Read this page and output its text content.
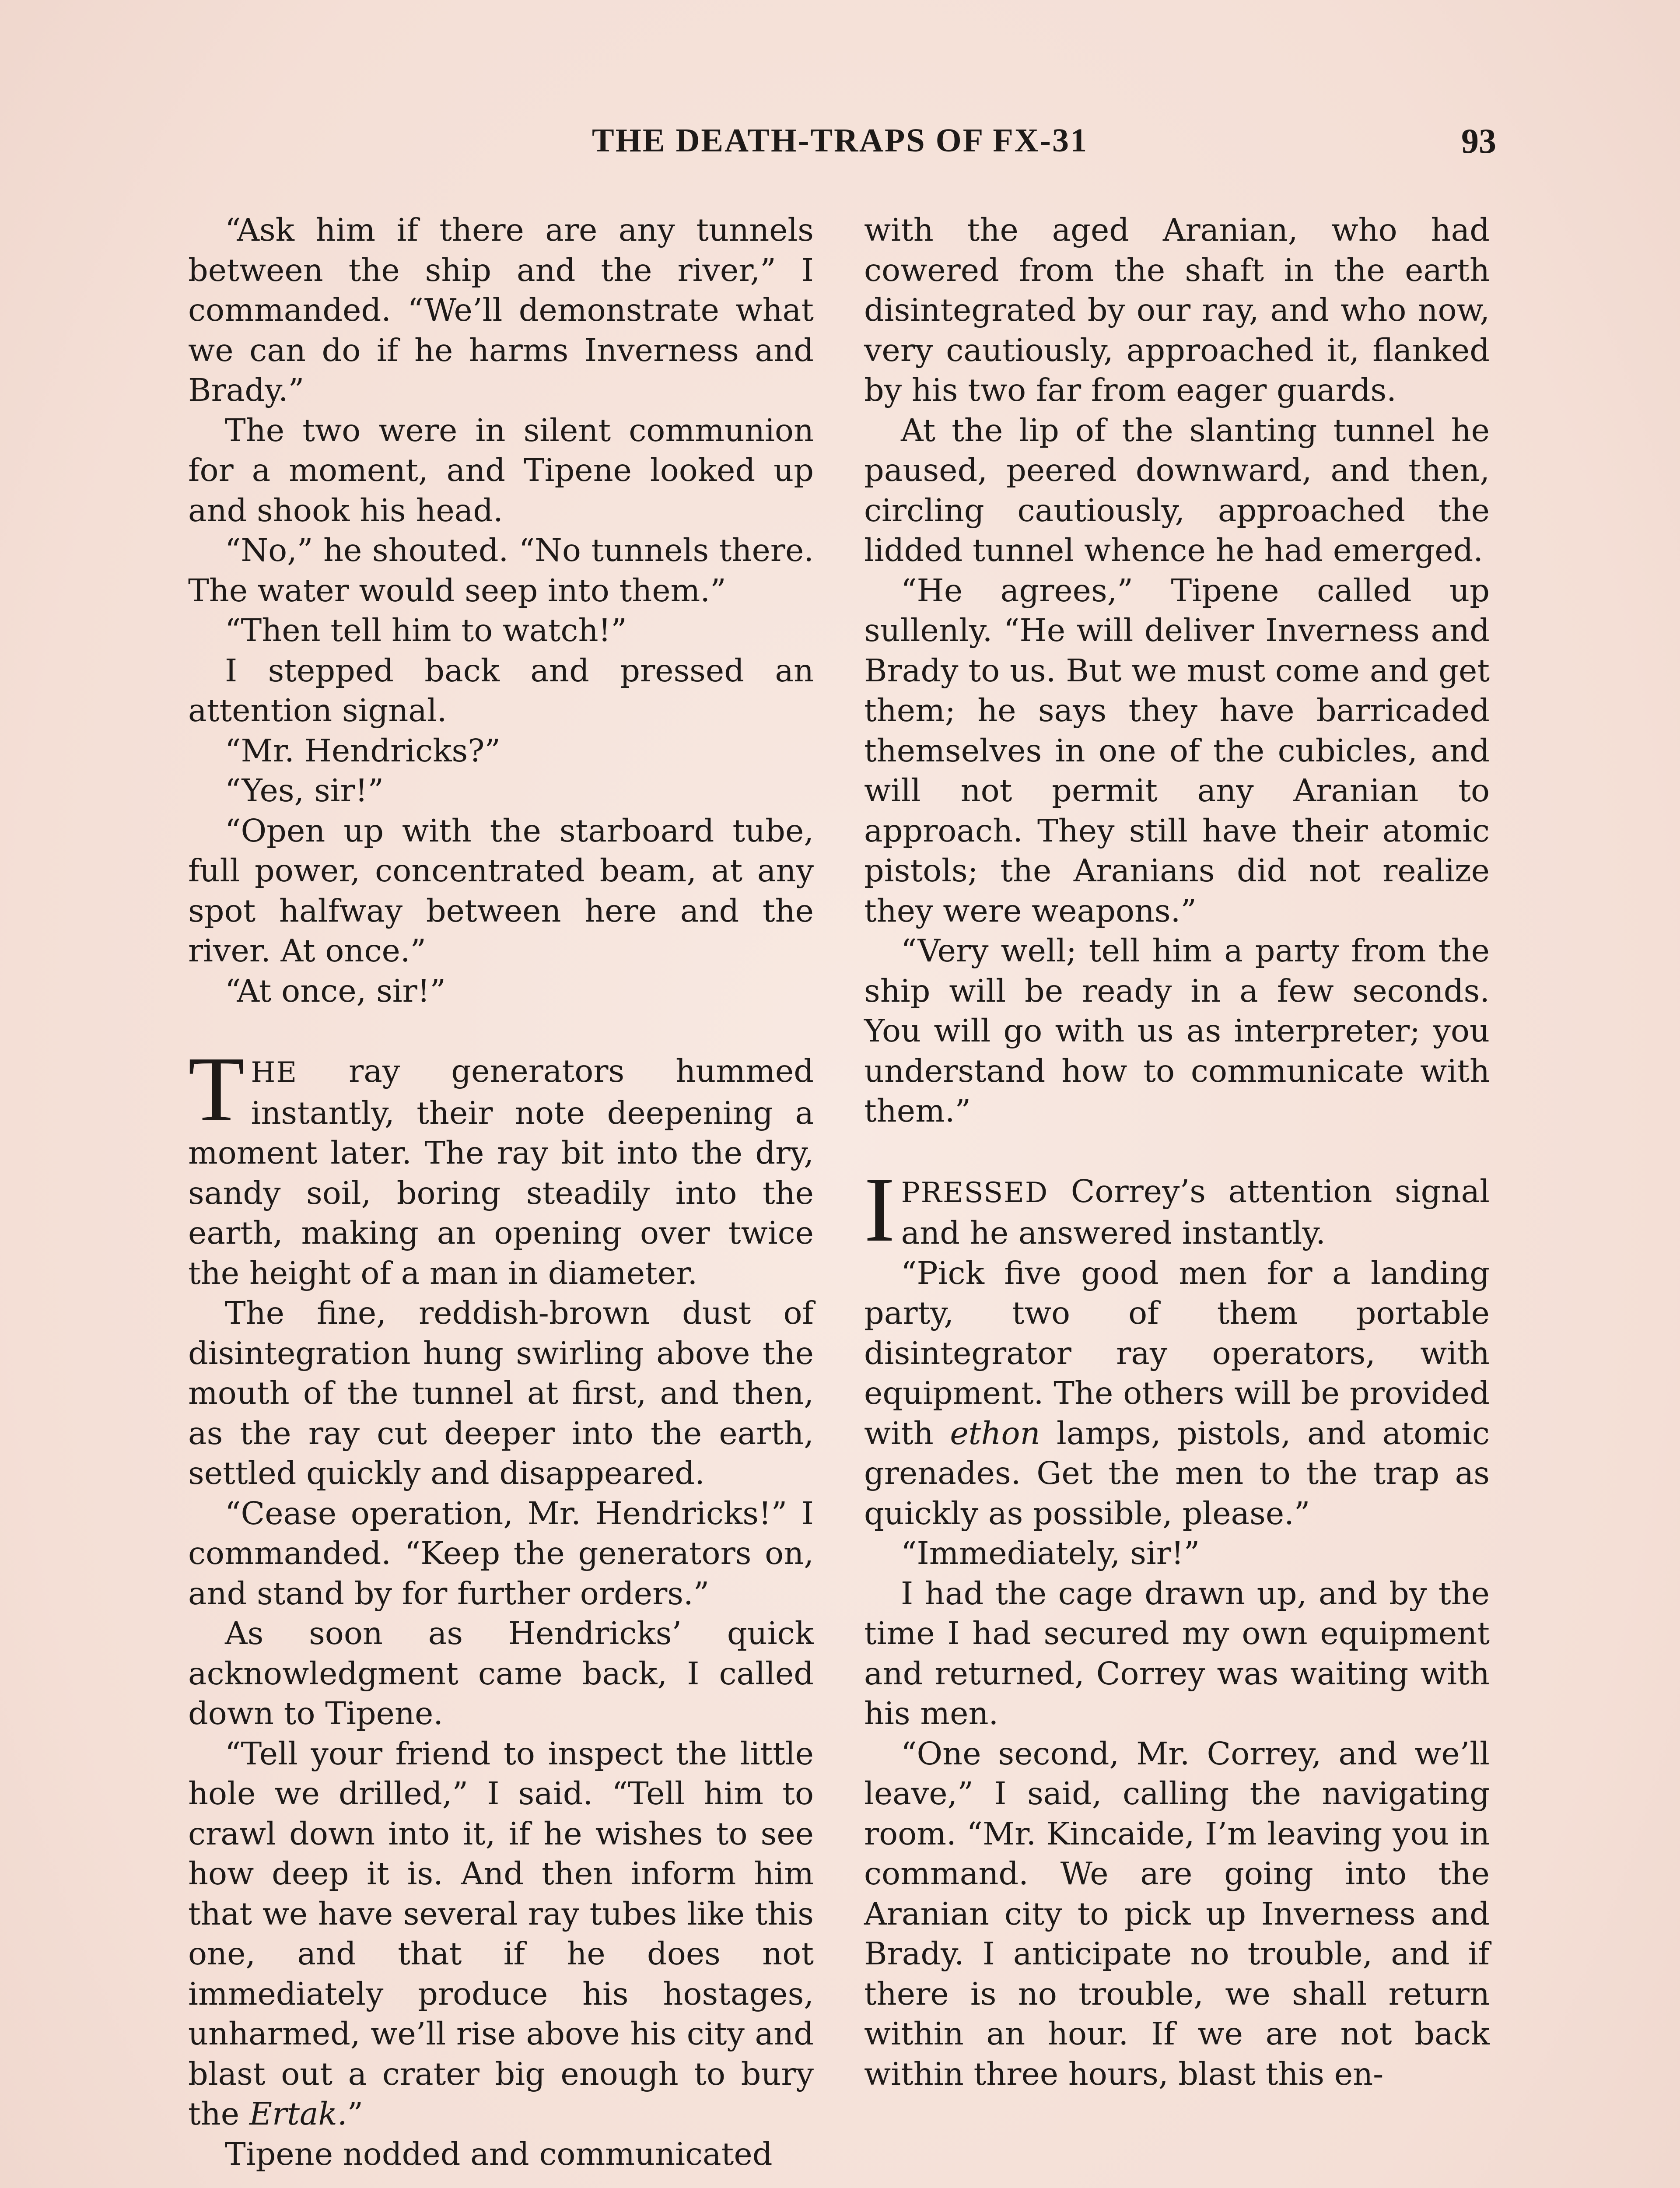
THE DEATH-TRAPS OF FX-31	93

“Ask him if there are any tunnels between the ship and the river,” I commanded. “We’ll demonstrate what we can do if he harms Inverness and Brady.”

The two were in silent communion for a moment, and Tipene looked up and shook his head.

“No,” he shouted. “No tunnels there. The water would seep into them.”

“Then tell him to watch!”

I stepped back and pressed an attention signal.

“Mr. Hendricks?”

“Yes, sir!”

“Open up with the starboard tube, full power, concentrated beam, at any spot halfway between here and the river. At once.”

“At once, sir!”

THE ray generators hummed instantly, their note deepening a moment later. The ray bit into the dry, sandy soil, boring steadily into the earth, making an opening over twice the height of a man in diameter.

The fine, reddish-brown dust of disintegration hung swirling above the mouth of the tunnel at first, and then, as the ray cut deeper into the earth, settled quickly and disappeared.

“Cease operation, Mr. Hendricks!” I commanded. “Keep the generators on, and stand by for further orders.”

As soon as Hendricks’ quick acknowledgment came back, I called down to Tipene.

“Tell your friend to inspect the little hole we drilled,” I said. “Tell him to crawl down into it, if he wishes to see how deep it is. And then inform him that we have several ray tubes like this one, and that if he does not immediately produce his hostages, unharmed, we’ll rise above his city and blast out a crater big enough to bury the Ertak.”

Tipene nodded and communicated

with the aged Aranian, who had cowered from the shaft in the earth disintegrated by our ray, and who now, very cautiously, approached it, flanked by his two far from eager guards.

At the lip of the slanting tunnel he paused, peered downward, and then, circling cautiously, approached the lidded tunnel whence he had emerged.

“He agrees,” Tipene called up sullenly. “He will deliver Inverness and Brady to us. But we must come and get them; he says they have barricaded themselves in one of the cubicles, and will not permit any Aranian to approach. They still have their atomic pistols; the Aranians did not realize they were weapons.”

“Very well; tell him a party from the ship will be ready in a few seconds. You will go with us as interpreter; you understand how to communicate with them.”

IPRESSED Correy’s attention signal and he answered instantly.

“Pick five good men for a landing party, two of them portable disintegrator ray operators, with equipment. The others will be provided with ethon lamps, pistols, and atomic grenades. Get the men to the trap as quickly as possible, please.”

“Immediately, sir!”

I had the cage drawn up, and by the time I had secured my own equipment and returned, Correy was waiting with his men.

“One second, Mr. Correy, and we’ll leave,” I said, calling the navigating room. “Mr. Kincaide, I’m leaving you in command. We are going into the Aranian city to pick up Inverness and Brady. I anticipate no trouble, and if there is no trouble, we shall return within an hour. If we are not back within three hours, blast this en-
